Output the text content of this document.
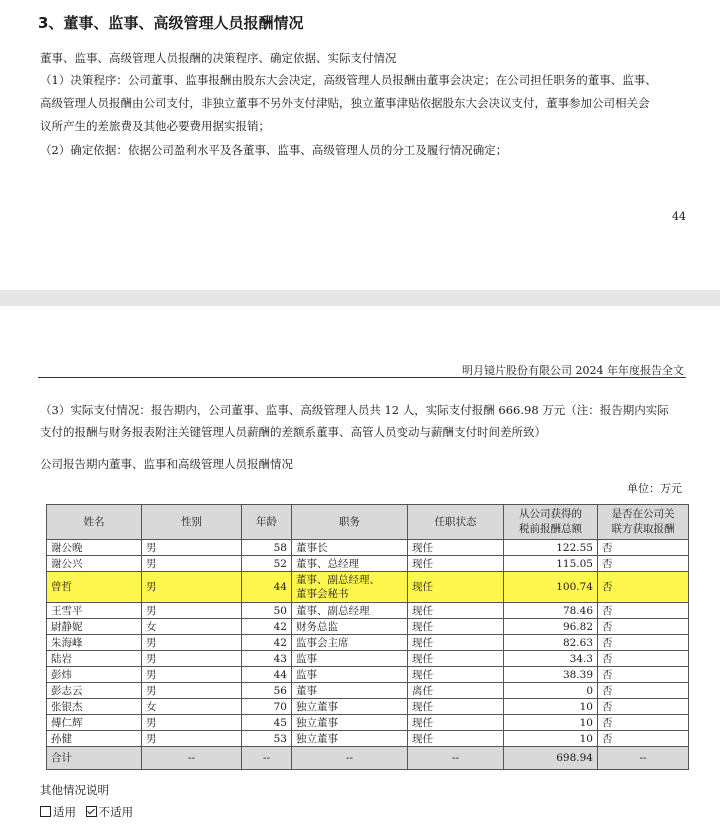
3、董事、监事、高级管理人员报酬情况
董事、监事、高级管理人员报酬的决策程序、确定依据、实际支付情况
（1）决策程序：公司董事、监事报酬由股东大会决定，高级管理人员报酬由董事会决定；在公司担任职务的董事、监事、
高级管理人员报酬由公司支付，非独立董事不另外支付津贴，独立董事津贴依据股东大会决议支付，董事参加公司相关会
议所产生的差旅费及其他必要费用据实报销；
（2）确定依据：依据公司盈利水平及各董事、监事、高级管理人员的分工及履行情况确定；
44
明月镜片股份有限公司 2024 年年度报告全文
（3）实际支付情况：报告期内，公司董事、监事、高级管理人员共 12 人，实际支付报酬 666.98 万元（注：报告期内实际
支付的报酬与财务报表附注关键管理人员薪酬的差额系董事、高管人员变动与薪酬支付时间差所致）
公司报告期内董事、监事和高级管理人员报酬情况
单位：万元
姓名	性别	年龄	职务	任职状态	从公司获得的
税前报酬总额	是否在公司关
联方获取报酬
谢公晚	男	58	董事长	现任	122.55	否
谢公兴	男	52	董事、总经理	现任	115.05	否
曾哲	男	44	董事、副总经理、
董事会秘书	现任	100.74	否
王雪平	男	50	董事、副总经理	现任	78.46	否
尉静妮	女	42	财务总监	现任	96.82	否
朱海峰	男	42	监事会主席	现任	82.63	否
陆岩	男	43	监事	现任	34.3	否
彭炜	男	44	监事	现任	38.39	否
彭志云	男	56	董事	离任	0	否
张银杰	女	70	独立董事	现任	10	否
傅仁辉	男	45	独立董事	现任	10	否
孙健	男	53	独立董事	现任	10	否
合计	--	--	--	--	698.94	--
其他情况说明
适用 不适用
